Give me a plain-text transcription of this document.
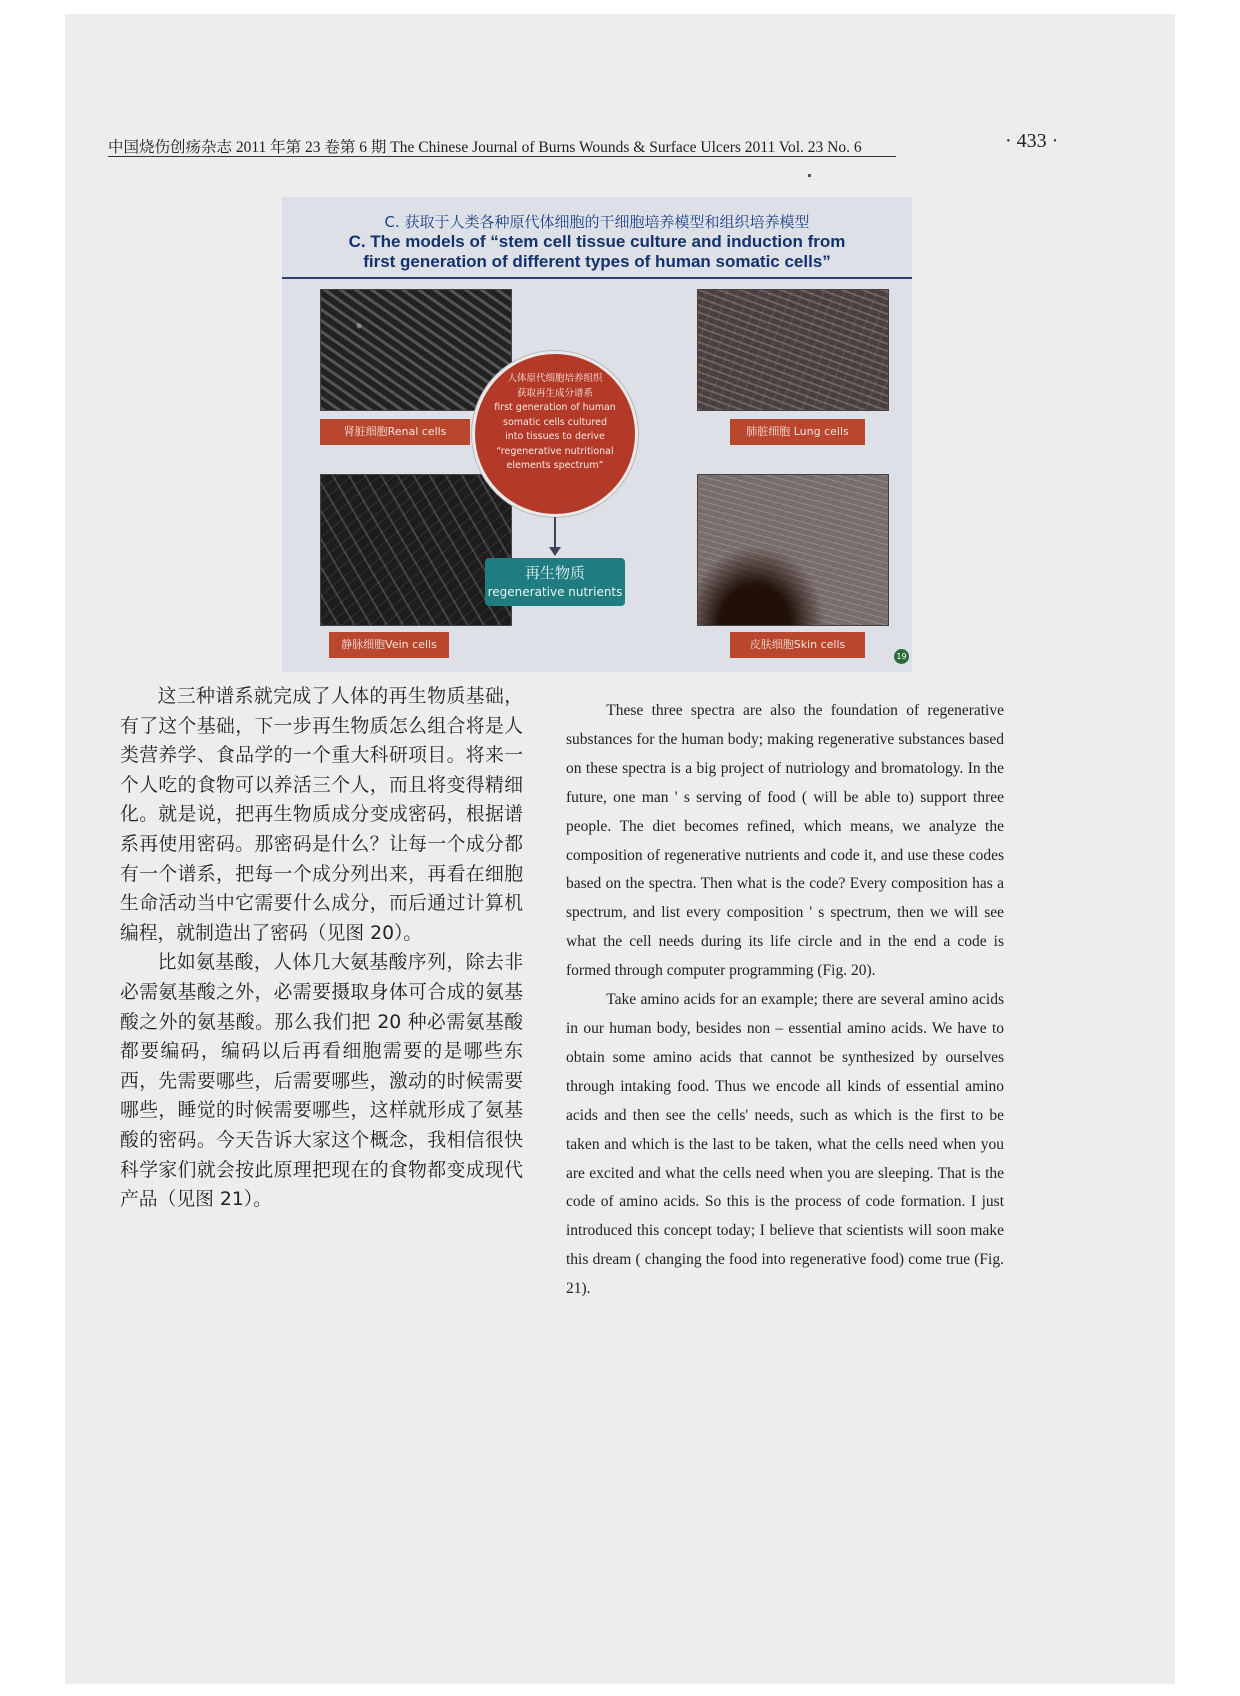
中国烧伤创疡杂志 2011 年第 23 卷第 6 期 The Chinese Journal of Burns Wounds & Surface Ulcers 2011 Vol. 23 No. 6	· 433 ·
C. 获取于人类各种原代体细胞的干细胞培养模型和组织培养模型
C. The models of “stem cell tissue culture and induction from
first generation of different types of human somatic cells”
肾脏细胞Renal cells	肺脏细胞 Lung cells
静脉细胞Vein cells	皮肤细胞Skin cells
人体原代细胞培养组织
获取再生成分谱系
first generation of human
somatic cells cultured
into tissues to derive
“regenerative nutritional
elements spectrum”
再生物质
regenerative nutrients
19

这三种谱系就完成了人体的再生物质基础，有了这个基础，下一步再生物质怎么组合将是人类营养学、食品学的一个重大科研项目。将来一个人吃的食物可以养活三个人，而且将变得精细化。就是说，把再生物质成分变成密码，根据谱系再使用密码。那密码是什么？让每一个成分都有一个谱系，把每一个成分列出来，再看在细胞生命活动当中它需要什么成分，而后通过计算机编程，就制造出了密码（见图 20）。

比如氨基酸，人体几大氨基酸序列，除去非必需氨基酸之外，必需要摄取身体可合成的氨基酸之外的氨基酸。那么我们把 20 种必需氨基酸都要编码，编码以后再看细胞需要的是哪些东西，先需要哪些，后需要哪些，激动的时候需要哪些，睡觉的时候需要哪些，这样就形成了氨基酸的密码。今天告诉大家这个概念，我相信很快科学家们就会按此原理把现在的食物都变成现代产品（见图 21）。

These three spectra are also the foundation of regenerative substances for the human body; making regenerative substances based on these spectra is a big project of nutriology and bromatology. In the future, one man ' s serving of food ( will be able to) support three people. The diet becomes refined, which means, we analyze the composition of regenerative nutrients and code it, and use these codes based on the spectra. Then what is the code? Every composition has a spectrum, and list every composition ' s spectrum, then we will see what the cell needs during its life circle and in the end a code is formed through computer programming (Fig. 20).

Take amino acids for an example; there are several amino acids in our human body, besides non – essential amino acids. We have to obtain some amino acids that cannot be synthesized by ourselves through intaking food. Thus we encode all kinds of essential amino acids and then see the cells' needs, such as which is the first to be taken and which is the last to be taken, what the cells need when you are excited and what the cells need when you are sleeping. That is the code of amino acids. So this is the process of code formation. I just introduced this concept today; I believe that scientists will soon make this dream ( changing the food into regenerative food) come true (Fig. 21).
